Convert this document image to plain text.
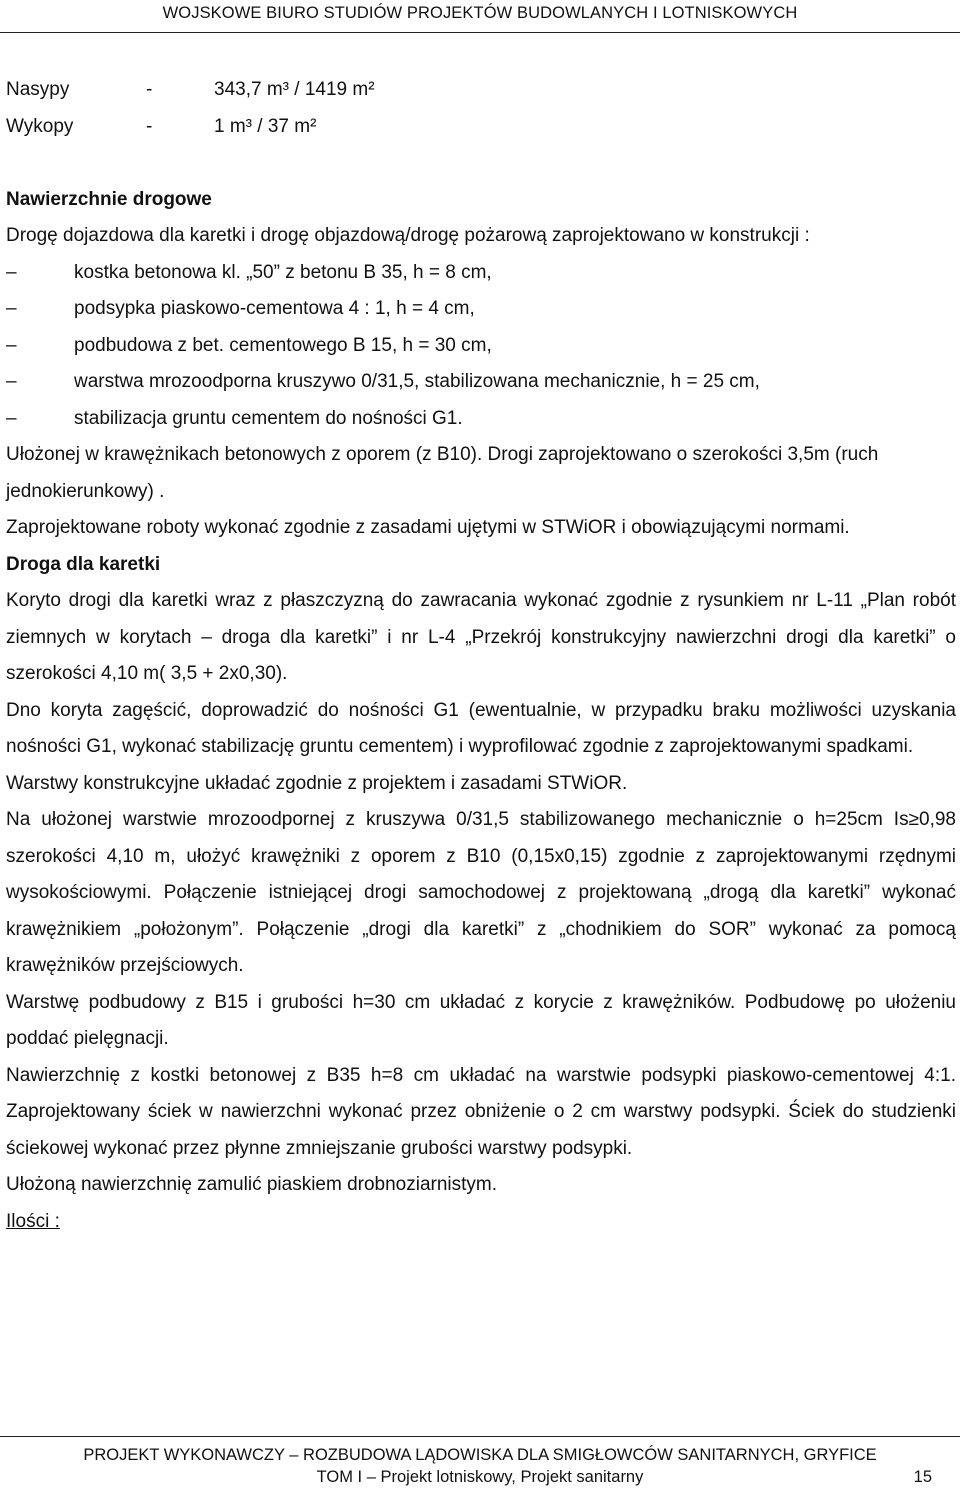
WOJSKOWE BIURO STUDIÓW PROJEKTÓW BUDOWLANYCH I LOTNISKOWYCH
Nasypy	-	343,7 m³ / 1419 m²
Wykopy	-	1 m³ / 37 m²
Nawierzchnie drogowe
Drogę dojazdowa dla karetki i drogę objazdową/drogę pożarową zaprojektowano w konstrukcji :
–	kostka betonowa kl. „50” z betonu B 35, h = 8 cm,
–	podsypka piaskowo-cementowa 4 : 1, h = 4 cm,
–	podbudowa z bet. cementowego B 15, h = 30 cm,
–	warstwa mrozoodporna kruszywo 0/31,5, stabilizowana mechanicznie, h = 25 cm,
–	stabilizacja gruntu cementem do nośności G1.

Ułożonej w krawężnikach betonowych z oporem (z B10). Drogi zaprojektowano o szerokości 3,5m (ruch jednokierunkowy) .

Zaprojektowane roboty wykonać zgodnie z zasadami ujętymi w STWiOR i obowiązującymi normami.

Droga dla karetki

Koryto drogi dla karetki wraz z płaszczyzną do zawracania wykonać zgodnie z rysunkiem nr L-11 „Plan robót ziemnych w korytach – droga dla karetki” i nr L-4 „Przekrój konstrukcyjny nawierzchni drogi dla karetki” o szerokości 4,10 m( 3,5 + 2x0,30).

Dno koryta zagęścić, doprowadzić do nośności G1 (ewentualnie, w przypadku braku możliwości uzyskania nośności G1, wykonać stabilizację gruntu cementem) i wyprofilować zgodnie z zaprojektowanymi spadkami.

Warstwy konstrukcyjne układać zgodnie z projektem i zasadami STWiOR.

Na ułożonej warstwie mrozoodpornej z kruszywa 0/31,5 stabilizowanego mechanicznie o h=25cm Is≥0,98 szerokości 4,10 m, ułożyć krawężniki z oporem z B10 (0,15x0,15) zgodnie z zaprojektowanymi rzędnymi wysokościowymi. Połączenie istniejącej drogi samochodowej z projektowaną „drogą dla karetki” wykonać krawężnikiem „położonym”. Połączenie „drogi dla karetki” z „chodnikiem do SOR” wykonać za pomocą krawężników przejściowych.

Warstwę podbudowy z B15 i grubości h=30 cm układać z korycie z krawężników. Podbudowę po ułożeniu poddać pielęgnacji.

Nawierzchnię z kostki betonowej z B35 h=8 cm układać na warstwie podsypki piaskowo-cementowej 4:1. Zaprojektowany ściek w nawierzchni wykonać przez obniżenie o 2 cm warstwy podsypki. Ściek do studzienki ściekowej wykonać przez płynne zmniejszanie grubości warstwy podsypki.

Ułożoną nawierzchnię zamulić piaskiem drobnoziarnistym.

Ilości :
PROJEKT WYKONAWCZY – ROZBUDOWA LĄDOWISKA DLA SMIGŁOWCÓW SANITARNYCH, GRYFICE
TOM I – Projekt lotniskowy, Projekt sanitarny	15
